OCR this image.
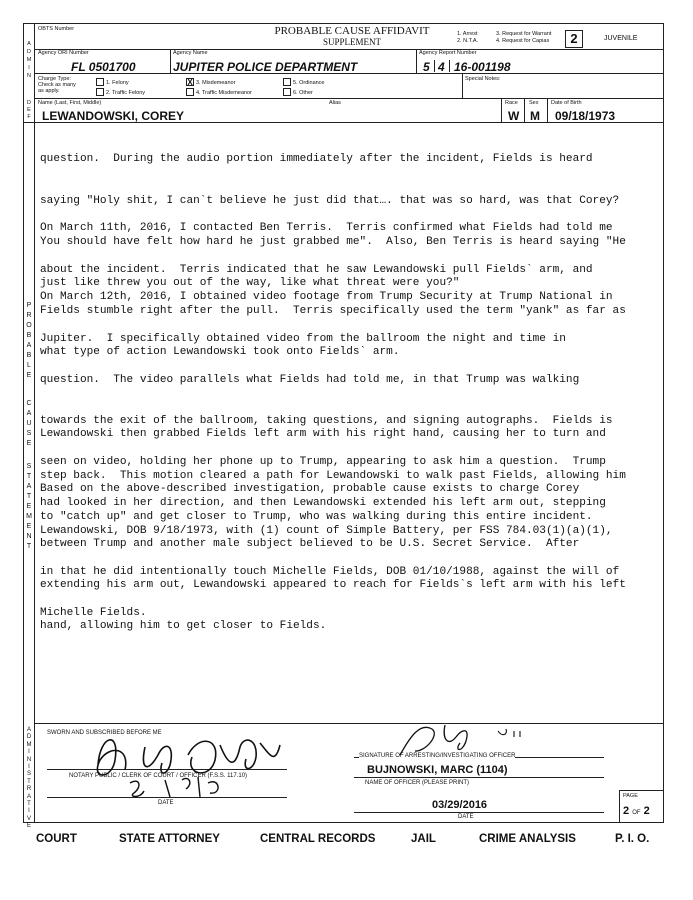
OBTS Number	PROBABLE CAUSE AFFIDAVIT
SUPPLEMENT
1. Arrest
2. N.T.A.
3. Request for Warrant
4. Request for Capias	2	JUVENILE
Agency ORI Number
FL 0501700
Agency Name
JUPITER POLICE DEPARTMENT
Agency Report Number
5 4 16-001198
Charge Type:
Check as many
as apply.
1. Felony
2. Traffic Felony
X 3. Misdemeanor
4. Traffic Misdemeanor
5. Ordinance
6. Other
Special Notes:
Name (Last, First, Middle)
LEWANDOWSKI, COREY
Alias	Race
W
Sex
M
Date of Birth
09/18/1973
A
D
M
I
N
D
E
F
P
R
O
B
A
B
L
E
C
A
U
S
E
S
T
A
T
E
M
E
N
T
A
D
M
I
N
I
S
T
R
A
T
I
V
E
SWORN AND SUBSCRIBED BEFORE ME
NOTARY PUBLIC / CLERK OF COURT / OFFICER (F.S.S. 117.10)
DATE
SIGNATURE OF ARRESTING/INVESTIGATING OFFICER
BUJNOWSKI, MARC (1104)
NAME OF OFFICER (PLEASE PRINT)
03/29/2016
DATE
PAGE
2 OF 2

question.  During the audio portion immediately after the incident, Fields is heard

saying "Holy shit, I can`t believe he just did that…. that was so hard, was that Corey?

You should have felt how hard he just grabbed me".  Also, Ben Terris is heard saying "He

just like threw you out of the way, like what threat were you?"

On March 11th, 2016, I contacted Ben Terris.  Terris confirmed what Fields had told me

about the incident.  Terris indicated that he saw Lewandowski pull Fields` arm, and

Fields stumble right after the pull.  Terris specifically used the term "yank" as far as

what type of action Lewandowski took onto Fields` arm.

On March 12th, 2016, I obtained video footage from Trump Security at Trump National in

Jupiter.  I specifically obtained video from the ballroom the night and time in

question.  The video parallels what Fields had told me, in that Trump was walking

towards the exit of the ballroom, taking questions, and signing autographs.  Fields is

seen on video, holding her phone up to Trump, appearing to ask him a question.  Trump

had looked in her direction, and then Lewandowski extended his left arm out, stepping

between Trump and another male subject believed to be U.S. Secret Service.  After

extending his arm out, Lewandowski appeared to reach for Fields`s left arm with his left

hand, allowing him to get closer to Fields.

Lewandowski then grabbed Fields left arm with his right hand, causing her to turn and

step back.  This motion cleared a path for Lewandowski to walk past Fields, allowing him

to "catch up" and get closer to Trump, who was walking during this entire incident.

Based on the above-described investigation, probable cause exists to charge Corey

Lewandowski, DOB 9/18/1973, with (1) count of Simple Battery, per FSS 784.03(1)(a)(1),

in that he did intentionally touch Michelle Fields, DOB 01/10/1988, against the will of

Michelle Fields.

COURT	STATE ATTORNEY	CENTRAL RECORDS	JAIL	CRIME ANALYSIS	P. I. O.
